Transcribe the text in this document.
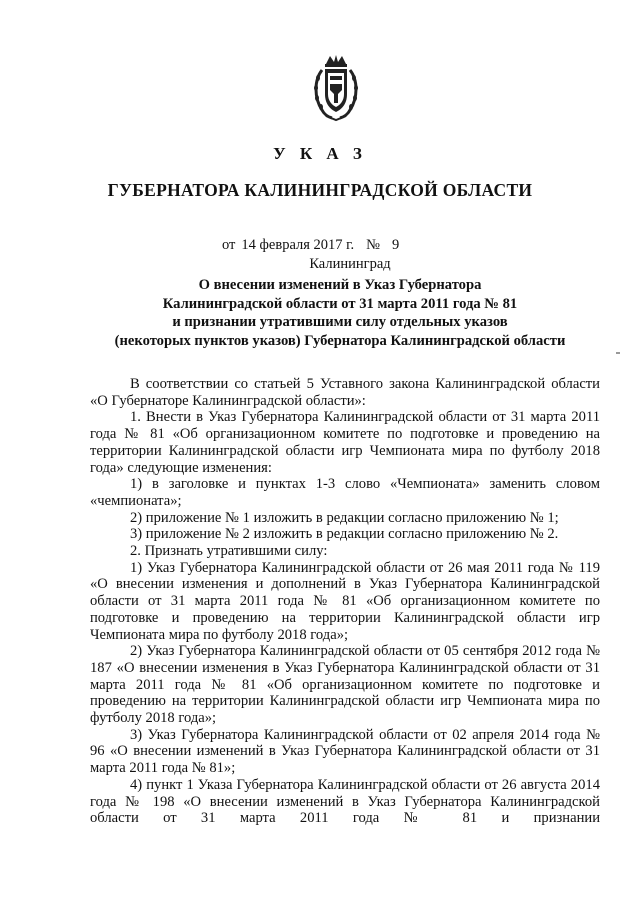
У К А З
ГУБЕРНАТОРА КАЛИНИНГРАДСКОЙ ОБЛАСТИ
от 14 февраля 2017 г. № 9
Калининград
О внесении изменений в Указ Губернатора
Калининградской области от 31 марта 2011 года № 81
и признании утратившими силу отдельных указов
(некоторых пунктов указов) Губернатора Калининградской области
В соответствии со статьей 5 Уставного закона Калининградской области «О Губернаторе Калининградской области»:
1. Внести в Указ Губернатора Калининградской области от 31 марта 2011 года № 81 «Об организационном комитете по подготовке и проведению на территории Калининградской области игр Чемпионата мира по футболу 2018 года» следующие изменения:
1) в заголовке и пунктах 1-3 слово «Чемпионата» заменить словом «чемпионата»;
2) приложение № 1 изложить в редакции согласно приложению № 1;
3) приложение № 2 изложить в редакции согласно приложению № 2.
2. Признать утратившими силу:
1) Указ Губернатора Калининградской области от 26 мая 2011 года № 119 «О внесении изменения и дополнений в Указ Губернатора Калининградской области от 31 марта 2011 года № 81 «Об организационном комитете по подготовке и проведению на территории Калининградской области игр Чемпионата мира по футболу 2018 года»;
2) Указ Губернатора Калининградской области от 05 сентября 2012 года № 187 «О внесении изменения в Указ Губернатора Калининградской области от 31 марта 2011 года № 81 «Об организационном комитете по подготовке и проведению на территории Калининградской области игр Чемпионата мира по футболу 2018 года»;
3) Указ Губернатора Калининградской области от 02 апреля 2014 года № 96 «О внесении изменений в Указ Губернатора Калининградской области от 31 марта 2011 года № 81»;
4) пункт 1 Указа Губернатора Калининградской области от 26 августа 2014 года № 198 «О внесении изменений в Указ Губернатора Калининградской области от 31 марта 2011 года № 81 и признании
